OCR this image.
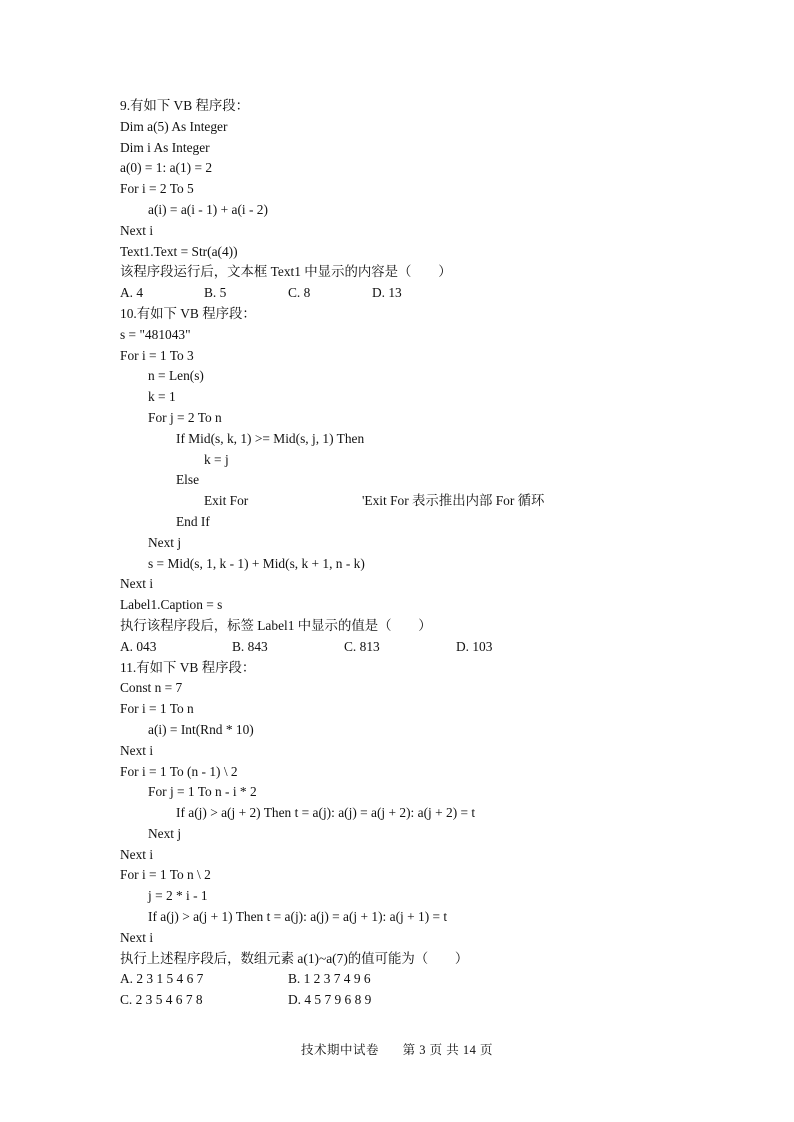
9.有如下 VB 程序段：
Dim a(5) As Integer
Dim i As Integer
a(0) = 1: a(1) = 2
For i = 2 To 5
a(i) = a(i - 1) + a(i - 2)
Next i
Text1.Text = Str(a(4))
该程序段运行后，文本框 Text1 中显示的内容是（　　）
A. 4	B. 5	C. 8	D. 13
10.有如下 VB 程序段：
s = "481043"
For i = 1 To 3
n = Len(s)
k = 1
For j = 2 To n
If Mid(s, k, 1) >= Mid(s, j, 1) Then
k = j
Else
Exit For	'Exit For 表示推出内部 For 循环
End If
Next j
s = Mid(s, 1, k - 1) + Mid(s, k + 1, n - k)
Next i
Label1.Caption = s
执行该程序段后，标签 Label1 中显示的值是（　　）
A. 043	B. 843	C. 813	D. 103
11.有如下 VB 程序段：
Const n = 7
For i = 1 To n
a(i) = Int(Rnd * 10)
Next i
For i = 1 To (n - 1) \ 2
For j = 1 To n - i * 2
If a(j) > a(j + 2) Then t = a(j): a(j) = a(j + 2): a(j + 2) = t
Next j
Next i
For i = 1 To n \ 2
j = 2 * i - 1
If a(j) > a(j + 1) Then t = a(j): a(j) = a(j + 1): a(j + 1) = t
Next i
执行上述程序段后，数组元素 a(1)~a(7)的值可能为（　　）
A. 2 3 1 5 4 6 7	B. 1 2 3 7 4 9 6
C. 2 3 5 4 6 7 8	D. 4 5 7 9 6 8 9
技术期中试卷 第 3 页 共 14 页
